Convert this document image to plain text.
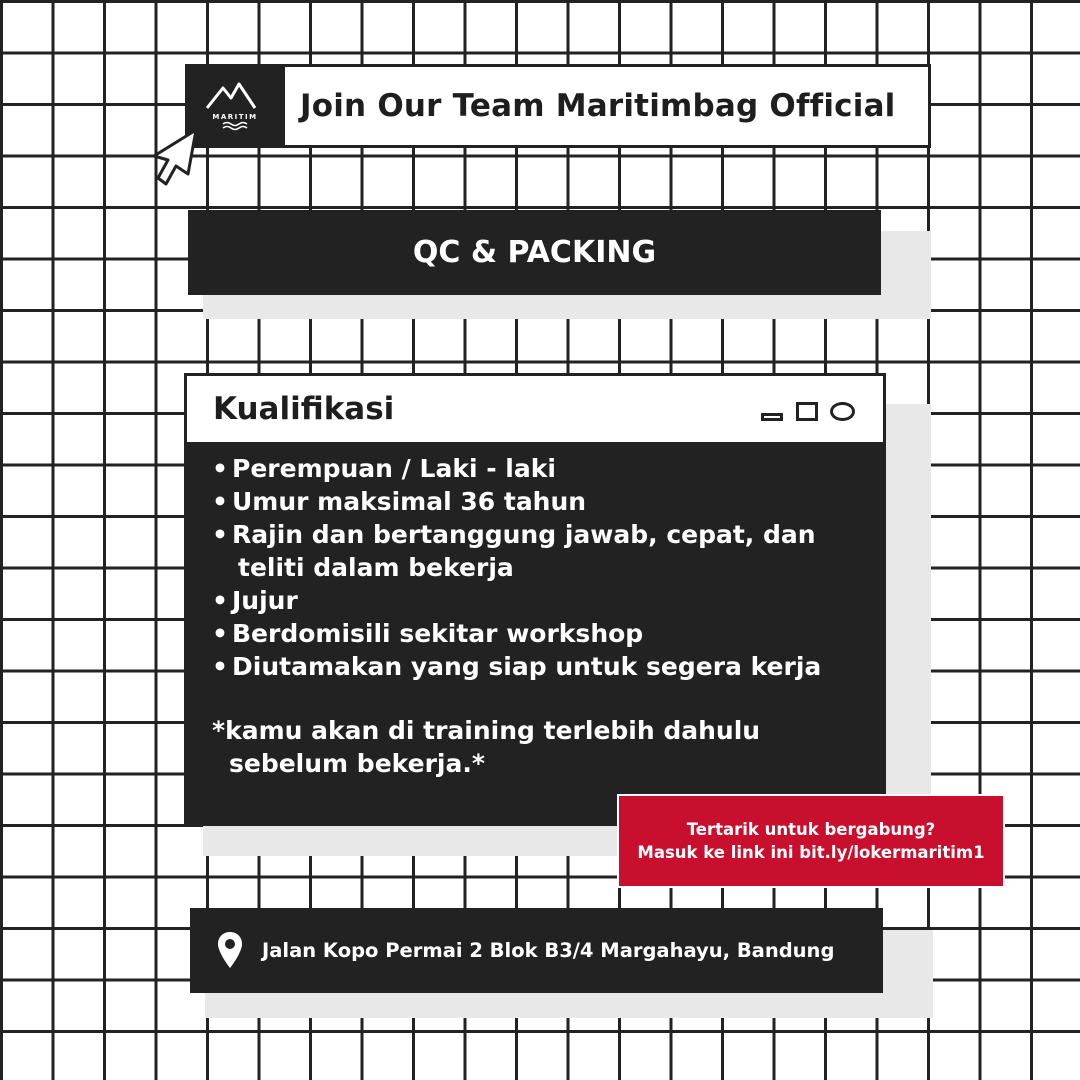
MARITIM Join Our Team Maritimbag Official
QC & PACKING
Kualifikasi
• Perempuan / Laki - laki
• Umur maksimal 36 tahun
• Rajin dan bertanggung jawab, cepat, dan
teliti dalam bekerja
• Jujur
• Berdomisili sekitar workshop
• Diutamakan yang siap untuk segera kerja
*kamu akan di training terlebih dahulu
sebelum bekerja.*
Tertarik untuk bergabung?
Masuk ke link ini bit.ly/lokermaritim1
Jalan Kopo Permai 2 Blok B3/4 Margahayu, Bandung
